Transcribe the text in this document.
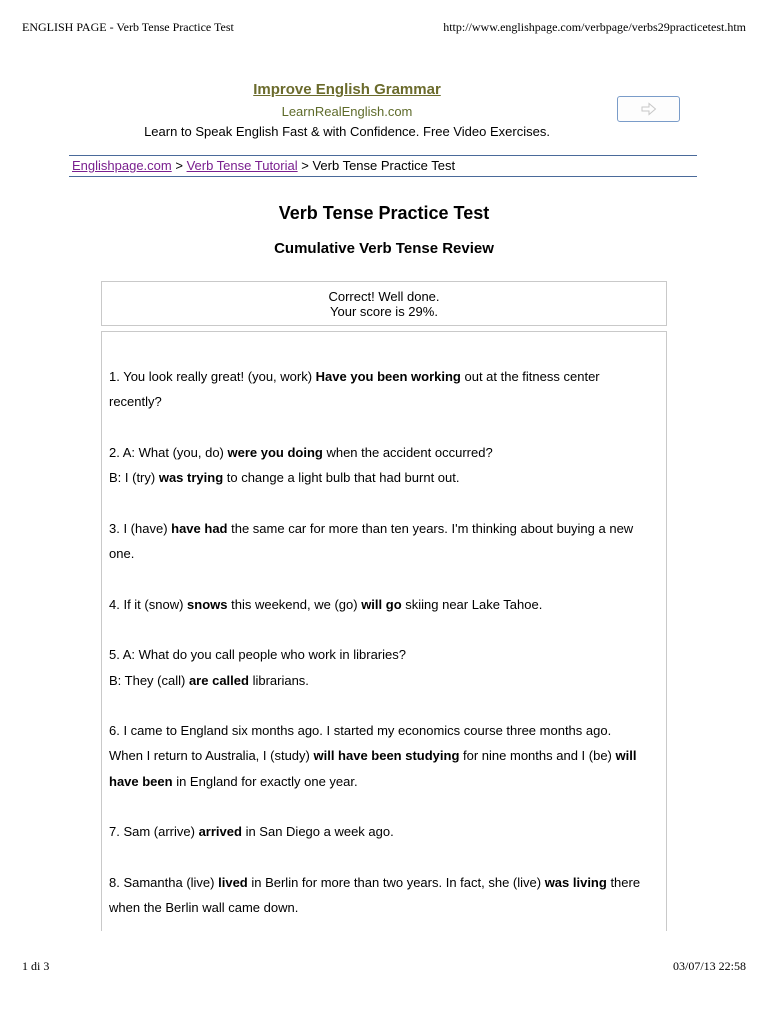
ENGLISH PAGE - Verb Tense Practice Test	http://www.englishpage.com/verbpage/verbs29practicetest.htm
Improve English Grammar
LearnRealEnglish.com
Learn to Speak English Fast & with Confidence. Free Video Exercises.
Englishpage.com > Verb Tense Tutorial > Verb Tense Practice Test
Verb Tense Practice Test
Cumulative Verb Tense Review
Correct! Well done.
Your score is 29%.
1. You look really great! (you, work) Have you been working out at the fitness center
recently?
2. A: What (you, do) were you doing when the accident occurred?
B: I (try) was trying to change a light bulb that had burnt out.
3. I (have) have had the same car for more than ten years. I'm thinking about buying a new
one.
4. If it (snow) snows this weekend, we (go) will go skiing near Lake Tahoe.
5. A: What do you call people who work in libraries?
B: They (call) are called librarians.
6. I came to England six months ago. I started my economics course three months ago.
When I return to Australia, I (study) will have been studying for nine months and I (be) will
have been in England for exactly one year.
7. Sam (arrive) arrived in San Diego a week ago.
8. Samantha (live) lived in Berlin for more than two years. In fact, she (live) was living there
when the Berlin wall came down.
1 di 3	03/07/13 22:58
